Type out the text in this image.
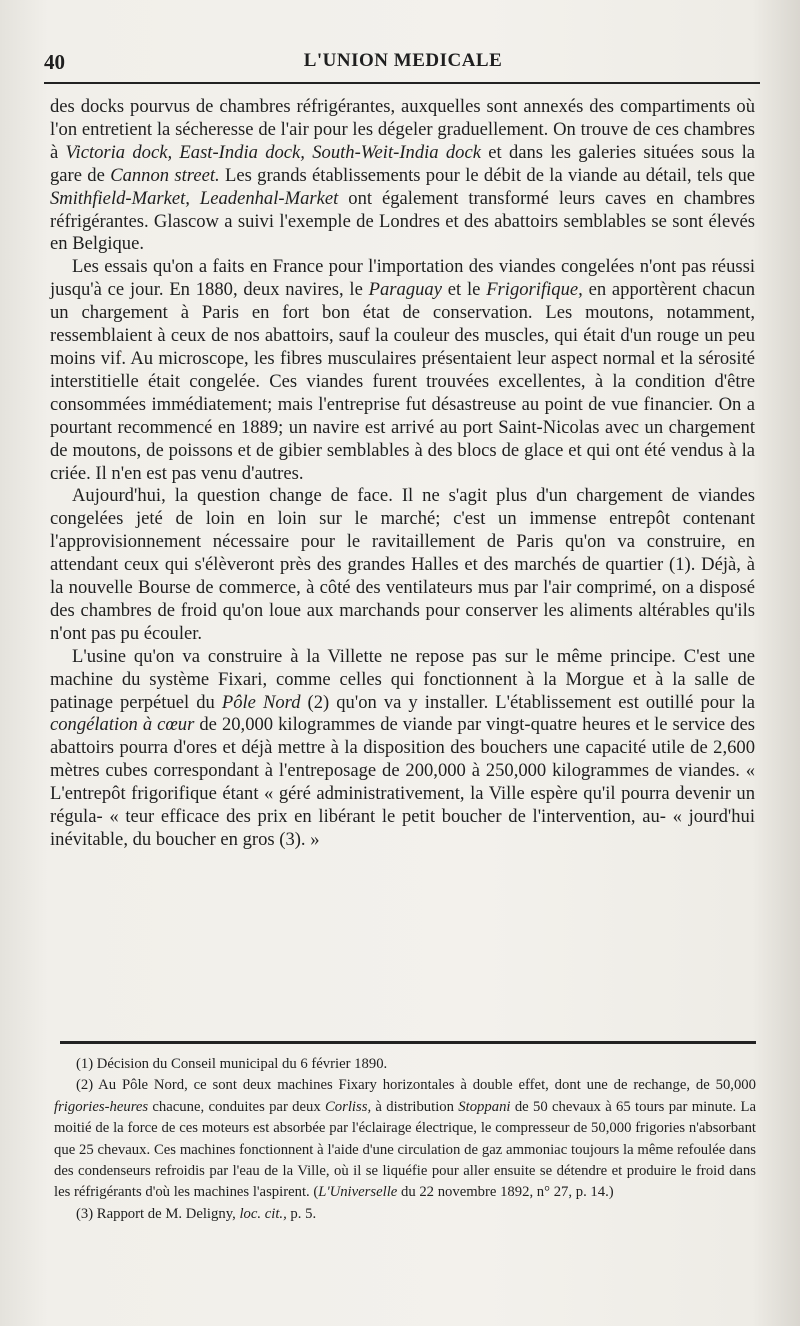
40	L'UNION MEDICALE

des docks pourvus de chambres réfrigérantes, auxquelles sont annexés des compartiments où l'on entretient la sécheresse de l'air pour les dégeler graduellement. On trouve de ces chambres à Victoria dock, East-India dock, South-Weit-India dock et dans les galeries situées sous la gare de Cannon street. Les grands établissements pour le débit de la viande au détail, tels que Smithfield-Market, Leadenhal-Market ont également transformé leurs caves en chambres réfrigérantes. Glascow a suivi l'exemple de Londres et des abattoirs semblables se sont élevés en Belgique.

Les essais qu'on a faits en France pour l'importation des viandes congelées n'ont pas réussi jusqu'à ce jour. En 1880, deux navires, le Paraguay et le Frigorifique, en apportèrent chacun un chargement à Paris en fort bon état de conservation. Les moutons, notamment, ressemblaient à ceux de nos abattoirs, sauf la couleur des muscles, qui était d'un rouge un peu moins vif. Au microscope, les fibres musculaires présentaient leur aspect normal et la sérosité interstitielle était congelée. Ces viandes furent trouvées excellentes, à la condition d'être consommées immédiatement; mais l'entreprise fut désastreuse au point de vue financier. On a pourtant recommencé en 1889; un navire est arrivé au port Saint-Nicolas avec un chargement de moutons, de poissons et de gibier semblables à des blocs de glace et qui ont été vendus à la criée. Il n'en est pas venu d'autres.

Aujourd'hui, la question change de face. Il ne s'agit plus d'un chargement de viandes congelées jeté de loin en loin sur le marché; c'est un immense entrepôt contenant l'approvisionnement nécessaire pour le ravitaillement de Paris qu'on va construire, en attendant ceux qui s'élèveront près des grandes Halles et des marchés de quartier (1). Déjà, à la nouvelle Bourse de commerce, à côté des ventilateurs mus par l'air comprimé, on a disposé des chambres de froid qu'on loue aux marchands pour conserver les aliments altérables qu'ils n'ont pas pu écouler.

L'usine qu'on va construire à la Villette ne repose pas sur le même principe. C'est une machine du système Fixari, comme celles qui fonctionnent à la Morgue et à la salle de patinage perpétuel du Pôle Nord (2) qu'on va y installer. L'établissement est outillé pour la congélation à cœur de 20,000 kilogrammes de viande par vingt-quatre heures et le service des abattoirs pourra d'ores et déjà mettre à la disposition des bouchers une capacité utile de 2,600 mètres cubes correspondant à l'entreposage de 200,000 à 250,000 kilogrammes de viandes. « L'entrepôt frigorifique étant « géré administrativement, la Ville espère qu'il pourra devenir un régula- « teur efficace des prix en libérant le petit boucher de l'intervention, au- « jourd'hui inévitable, du boucher en gros (3). »

(1) Décision du Conseil municipal du 6 février 1890.

(2) Au Pôle Nord, ce sont deux machines Fixary horizontales à double effet, dont une de rechange, de 50,000 frigories-heures chacune, conduites par deux Corliss, à distribution Stoppani de 50 chevaux à 65 tours par minute. La moitié de la force de ces moteurs est absorbée par l'éclairage électrique, le compresseur de 50,000 frigories n'absorbant que 25 chevaux. Ces machines fonctionnent à l'aide d'une circulation de gaz ammoniac toujours la même refoulée dans des condenseurs refroidis par l'eau de la Ville, où il se liquéfie pour aller ensuite se détendre et produire le froid dans les réfrigérants d'où les machines l'aspirent. (L'Universelle du 22 novembre 1892, n° 27, p. 14.)

(3) Rapport de M. Deligny, loc. cit., p. 5.
